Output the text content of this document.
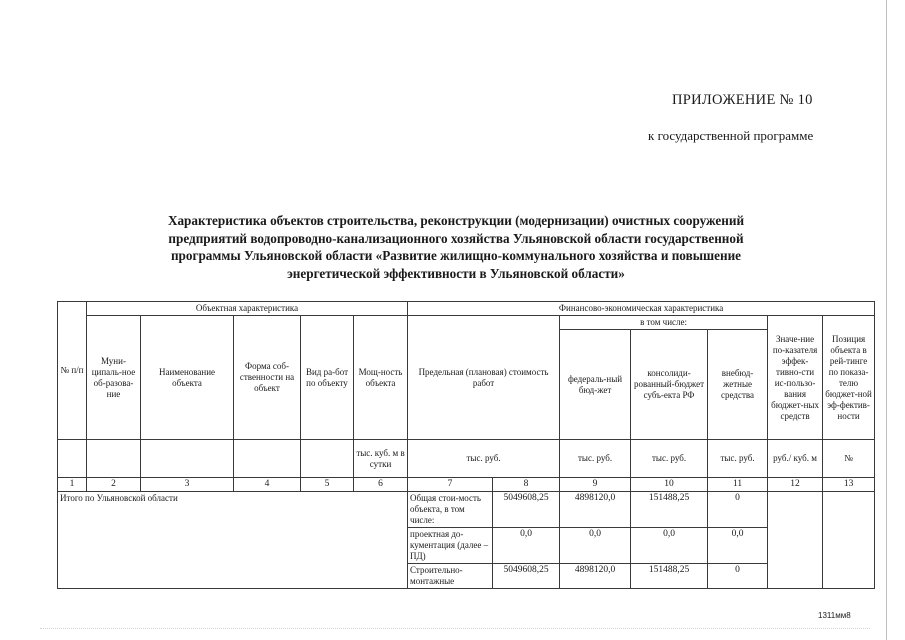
ПРИЛОЖЕНИЕ № 10
к государственной программе
Характеристика объектов строительства, реконструкции (модернизации) очистных сооружений
предприятий водопроводно-канализационного хозяйства Ульяновской области государственной
программы Ульяновской области «Развитие жилищно-коммунального хозяйства и повышение
энергетической эффективности в Ульяновской области»
№ п/п	Объектная характеристика					Финансово-экономическая характеристика						
	Муни-ципаль-ное об-разова-ние	Наименование объекта	Форма соб-ственности на объект	Вид ра-бот по объекту	Мощ-ность объекта	Предельная (плановая) стоимость работ		в том числе:			Значе-ние по-казателя эффек-тивно-сти ис-пользо-вания бюджет-ных средств	Позиция объекта в рей-тинге по показа-телю бюджет-ной эф-фектив-ности
								федераль-ный бюд-жет	консолиди-рованный-бюджет субъ-екта РФ	внебюд-жетные средства		
					тыс. куб. м в сутки	тыс. руб.		тыс. руб.	тыс. руб.	тыс. руб.	руб./ куб. м	№
1	2	3	4	5	6	7	8	9	10	11	12	13
Итого по Ульяновской области						Общая стои-мость объекта, в том числе:	5049608,25	4898120,0	151488,25	0		
						проектная до-кументация (далее – ПД)	0,0	0,0	0,0	0,0		
						Строительно-монтажные	5049608,25	4898120,0	151488,25	0		
1311мм8
